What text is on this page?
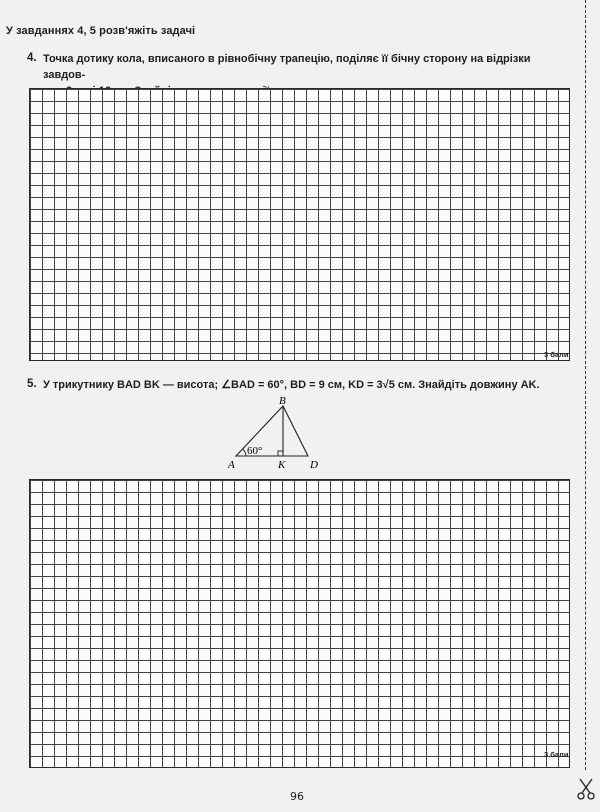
У завданнях 4, 5 розв'яжіть задачі
4. Точка дотику кола, вписаного в рівнобічну трапецію, поділяє її бічну сторону на відрізки завдов-
3 бали
5. У трикутнику BAD BK — висота; ∠BAD = 60°, BD = 9 см, KD = 3√5 см. Знайдіть довжину AK.
60°
A
B
K D
3 бали
96
